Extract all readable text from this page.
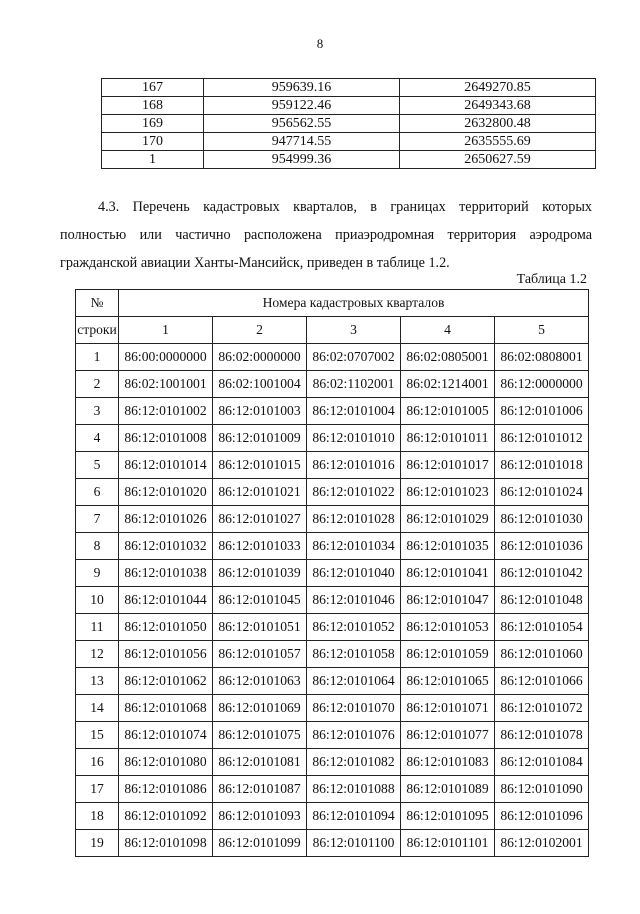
8
167	959639.16	2649270.85
168	959122.46	2649343.68
169	956562.55	2632800.48
170	947714.55	2635555.69
1	954999.36	2650627.59
4.3. Перечень кадастровых кварталов, в границах территорий которых полностью или частично расположена приаэродромная территория аэродрома гражданской авиации Ханты-Мансийск, приведен в таблице 1.2.
Таблица 1.2
№	Номера кадастровых кварталов				
строки	1	2	3	4	5
1	86:00:0000000	86:02:0000000	86:02:0707002	86:02:0805001	86:02:0808001
2	86:02:1001001	86:02:1001004	86:02:1102001	86:02:1214001	86:12:0000000
3	86:12:0101002	86:12:0101003	86:12:0101004	86:12:0101005	86:12:0101006
4	86:12:0101008	86:12:0101009	86:12:0101010	86:12:0101011	86:12:0101012
5	86:12:0101014	86:12:0101015	86:12:0101016	86:12:0101017	86:12:0101018
6	86:12:0101020	86:12:0101021	86:12:0101022	86:12:0101023	86:12:0101024
7	86:12:0101026	86:12:0101027	86:12:0101028	86:12:0101029	86:12:0101030
8	86:12:0101032	86:12:0101033	86:12:0101034	86:12:0101035	86:12:0101036
9	86:12:0101038	86:12:0101039	86:12:0101040	86:12:0101041	86:12:0101042
10	86:12:0101044	86:12:0101045	86:12:0101046	86:12:0101047	86:12:0101048
11	86:12:0101050	86:12:0101051	86:12:0101052	86:12:0101053	86:12:0101054
12	86:12:0101056	86:12:0101057	86:12:0101058	86:12:0101059	86:12:0101060
13	86:12:0101062	86:12:0101063	86:12:0101064	86:12:0101065	86:12:0101066
14	86:12:0101068	86:12:0101069	86:12:0101070	86:12:0101071	86:12:0101072
15	86:12:0101074	86:12:0101075	86:12:0101076	86:12:0101077	86:12:0101078
16	86:12:0101080	86:12:0101081	86:12:0101082	86:12:0101083	86:12:0101084
17	86:12:0101086	86:12:0101087	86:12:0101088	86:12:0101089	86:12:0101090
18	86:12:0101092	86:12:0101093	86:12:0101094	86:12:0101095	86:12:0101096
19	86:12:0101098	86:12:0101099	86:12:0101100	86:12:0101101	86:12:0102001
